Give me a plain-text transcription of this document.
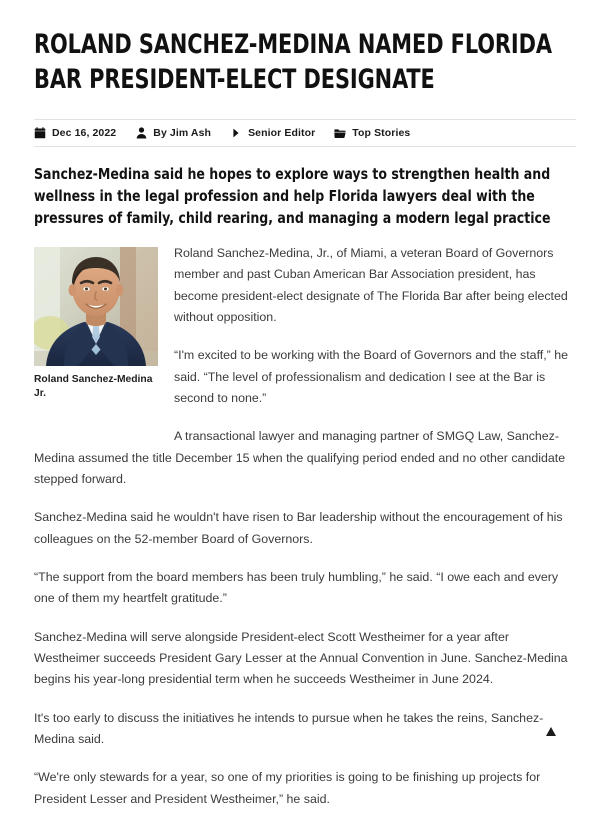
ROLAND SANCHEZ-MEDINA NAMED FLORIDA BAR PRESIDENT-ELECT DESIGNATE
Dec 16, 2022	By Jim Ash	Senior Editor	Top Stories
Sanchez-Medina said he hopes to explore ways to strengthen health and wellness in the legal profession and help Florida lawyers deal with the pressures of family, child rearing, and managing a modern legal practice
Roland Sanchez-Medina Jr.

Roland Sanchez-Medina, Jr., of Miami, a veteran Board of Governors member and past Cuban American Bar Association president, has become president-elect designate of The Florida Bar after being elected without opposition.

“I'm excited to be working with the Board of Governors and the staff,” he said. “The level of professionalism and dedication I see at the Bar is second to none.”

A transactional lawyer and managing partner of SMGQ Law, Sanchez-Medina assumed the title December 15 when the qualifying period ended and no other candidate stepped forward.

Sanchez-Medina said he wouldn't have risen to Bar leadership without the encouragement of his colleagues on the 52-member Board of Governors.

“The support from the board members has been truly humbling,” he said. “I owe each and every one of them my heartfelt gratitude.”

Sanchez-Medina will serve alongside President-elect Scott Westheimer for a year after Westheimer succeeds President Gary Lesser at the Annual Convention in June. Sanchez-Medina begins his year-long presidential term when he succeeds Westheimer in June 2024.

It's too early to discuss the initiatives he intends to pursue when he takes the reins, Sanchez-Medina said.

“We're only stewards for a year, so one of my priorities is going to be finishing up projects for President Lesser and President Westheimer,” he said.
